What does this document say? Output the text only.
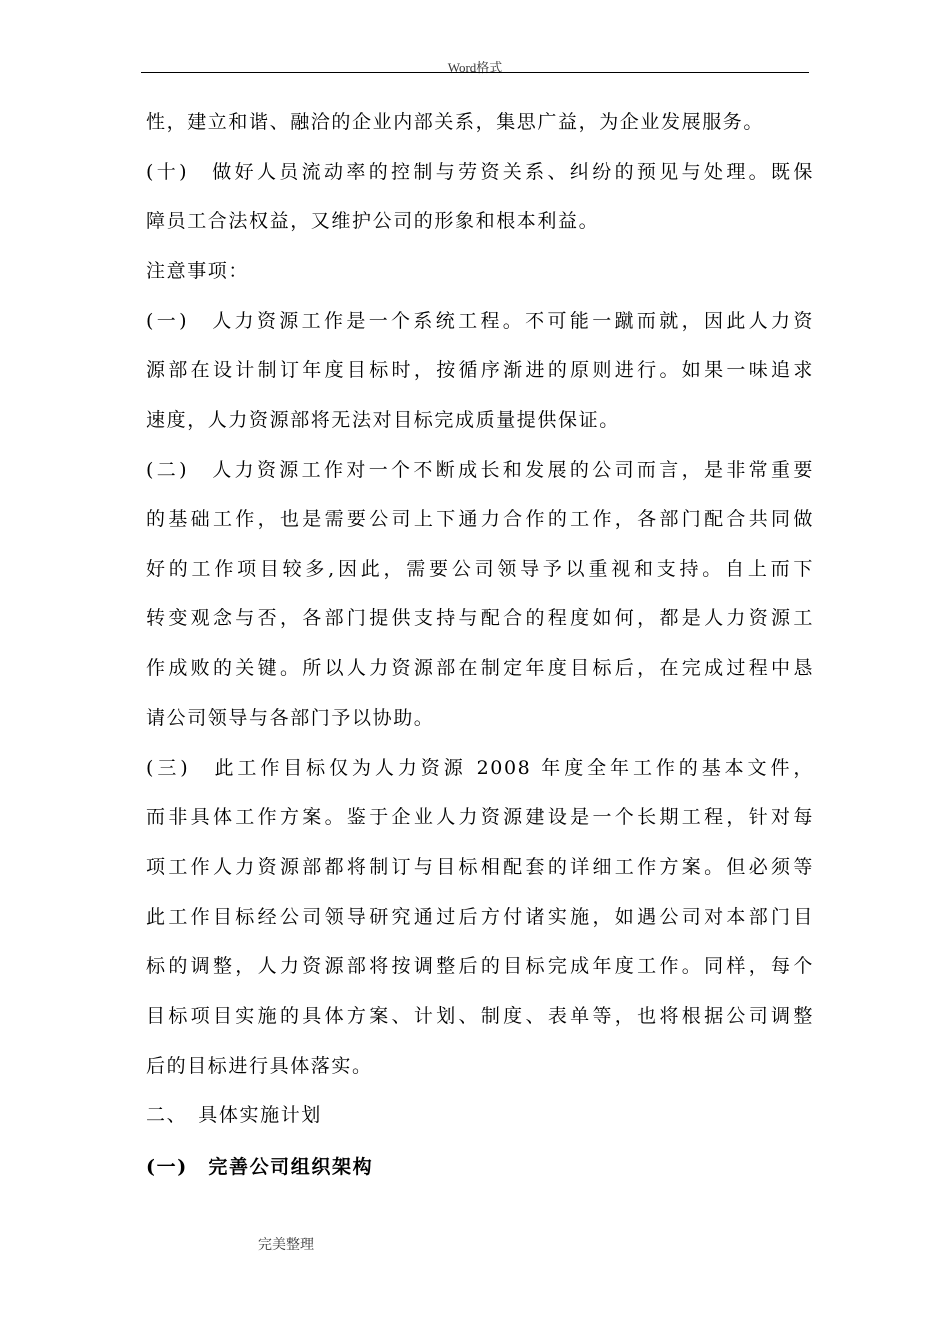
Word格式
性，建立和谐、融洽的企业内部关系，集思广益，为企业发展服务。
(十)　做好人员流动率的控制与劳资关系、纠纷的预见与处理。既保
障员工合法权益，又维护公司的形象和根本利益。
注意事项：
(一)　人力资源工作是一个系统工程。不可能一蹴而就，因此人力资
源部在设计制订年度目标时，按循序渐进的原则进行。如果一味追求
速度，人力资源部将无法对目标完成质量提供保证。
(二)　人力资源工作对一个不断成长和发展的公司而言，是非常重要
的基础工作，也是需要公司上下通力合作的工作，各部门配合共同做
好的工作项目较多,因此，需要公司领导予以重视和支持。自上而下
转变观念与否，各部门提供支持与配合的程度如何，都是人力资源工
作成败的关键。所以人力资源部在制定年度目标后，在完成过程中恳
请公司领导与各部门予以协助。
(三)　此工作目标仅为人力资源 2008 年度全年工作的基本文件，
而非具体工作方案。鉴于企业人力资源建设是一个长期工程，针对每
项工作人力资源部都将制订与目标相配套的详细工作方案。但必须等
此工作目标经公司领导研究通过后方付诸实施，如遇公司对本部门目
标的调整，人力资源部将按调整后的目标完成年度工作。同样，每个
目标项目实施的具体方案、计划、制度、表单等，也将根据公司调整
后的目标进行具体落实。
二、　具体实施计划
(一)　完善公司组织架构
完美整理
